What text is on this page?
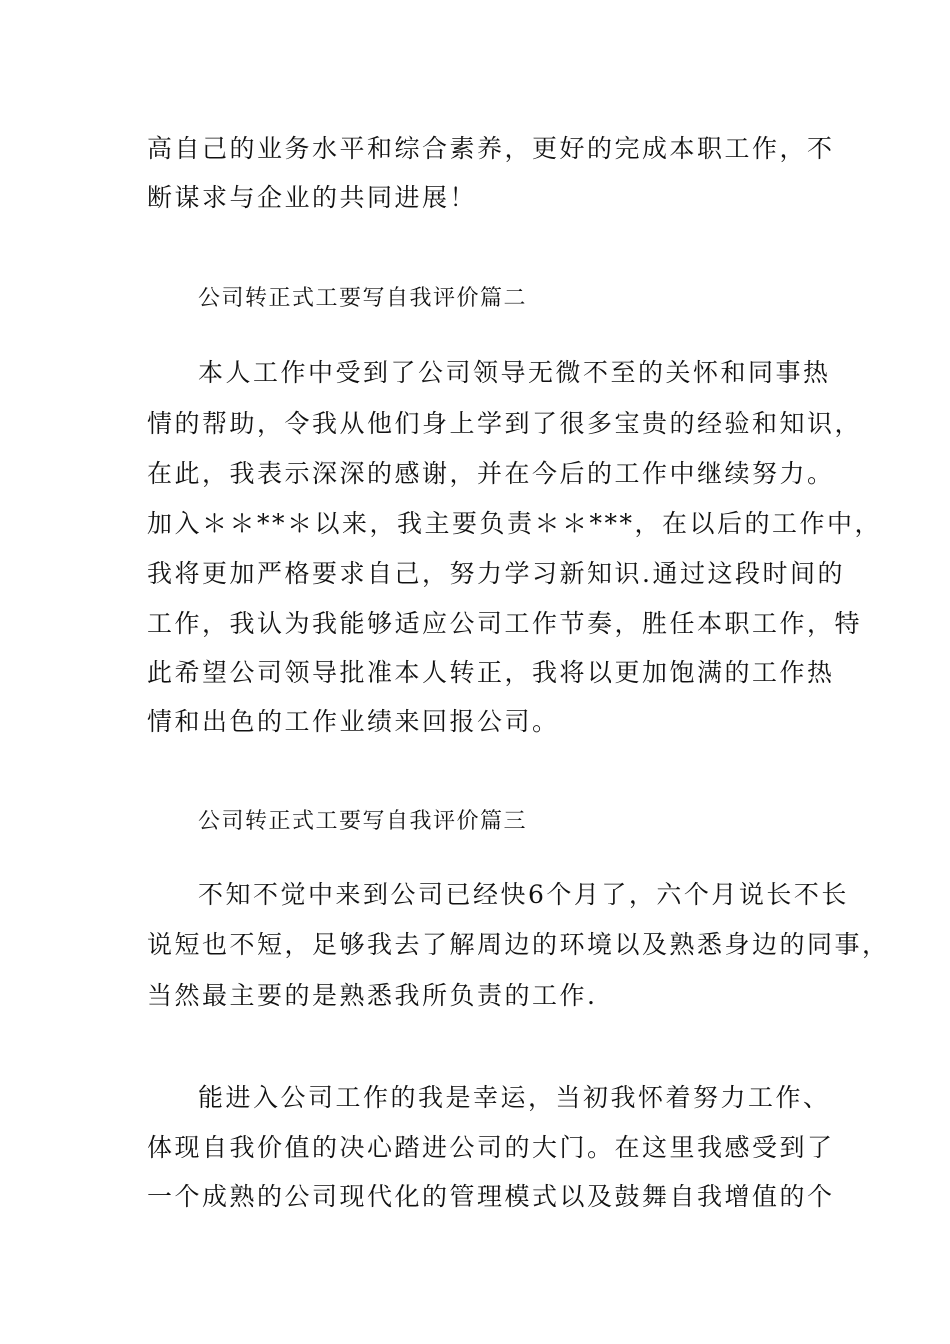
高自己的业务水平和综合素养，更好的完成本职工作，不
断谋求与企业的共同进展！
公司转正式工要写自我评价篇二
本人工作中受到了公司领导无微不至的关怀和同事热
情的帮助，令我从他们身上学到了很多宝贵的经验和知识，
在此，我表示深深的感谢，并在今后的工作中继续努力。
加入＊＊**＊以来，我主要负责＊＊***，在以后的工作中，
我将更加严格要求自己，努力学习新知识.通过这段时间的
工作，我认为我能够适应公司工作节奏，胜任本职工作，特
此希望公司领导批准本人转正，我将以更加饱满的工作热
情和出色的工作业绩来回报公司。
公司转正式工要写自我评价篇三
不知不觉中来到公司已经快6个月了，六个月说长不长
说短也不短，足够我去了解周边的环境以及熟悉身边的同事，
当然最主要的是熟悉我所负责的工作.
能进入公司工作的我是幸运，当初我怀着努力工作、
体现自我价值的决心踏进公司的大门。在这里我感受到了
一个成熟的公司现代化的管理模式以及鼓舞自我增值的个
